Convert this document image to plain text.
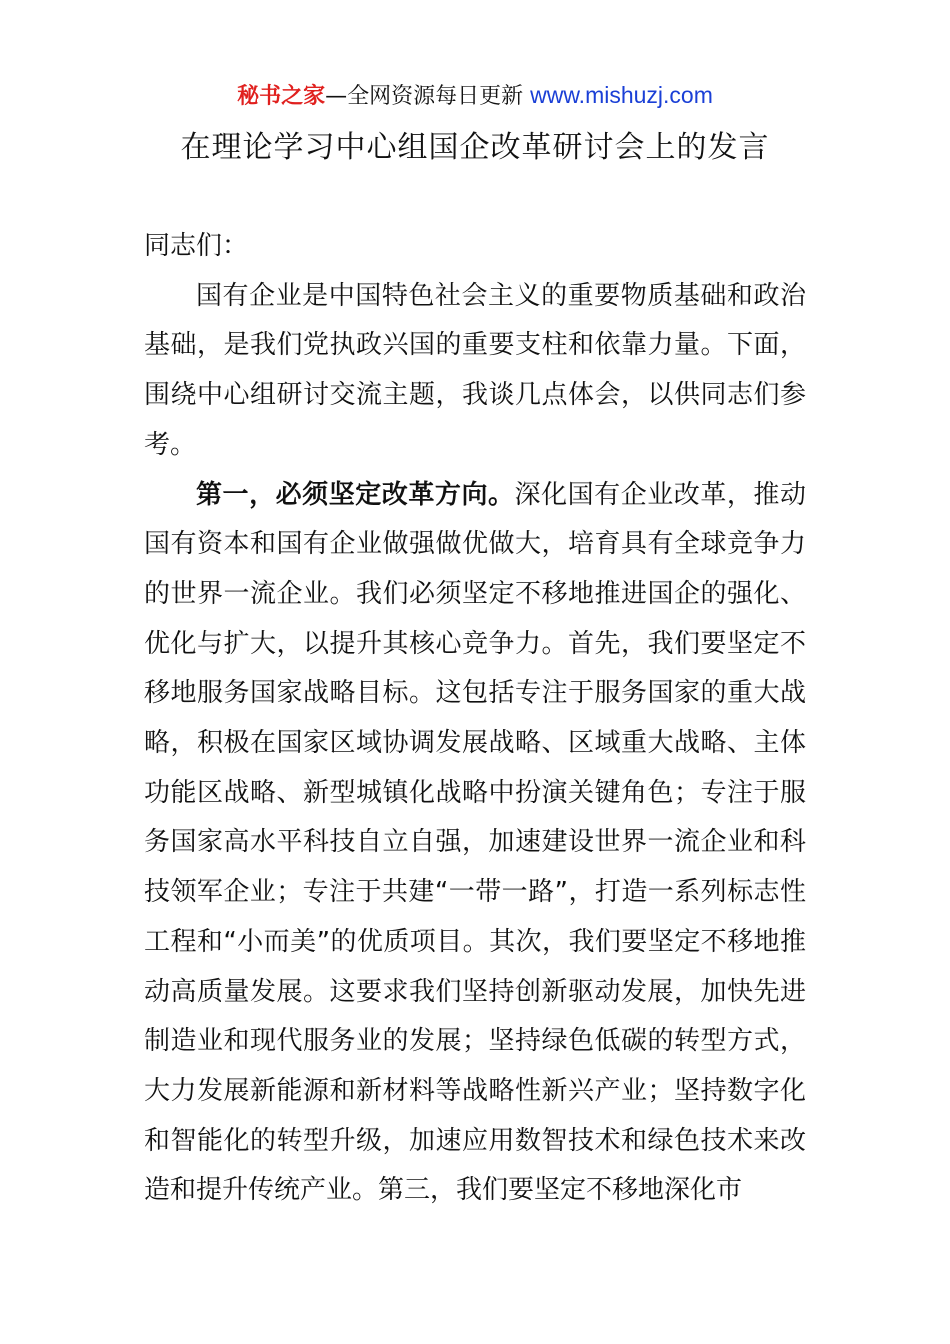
秘书之家—全网资源每日更新 www.mishuzj.com
在理论学习中心组国企改革研讨会上的发言

同志们：

国有企业是中国特色社会主义的重要物质基础和政治基础，是我们党执政兴国的重要支柱和依靠力量。下面，围绕中心组研讨交流主题，我谈几点体会，以供同志们参考。

第一，必须坚定改革方向。深化国有企业改革，推动国有资本和国有企业做强做优做大，培育具有全球竞争力的世界一流企业。我们必须坚定不移地推进国企的强化、优化与扩大，以提升其核心竞争力。首先，我们要坚定不移地服务国家战略目标。这包括专注于服务国家的重大战略，积极在国家区域协调发展战略、区域重大战略、主体功能区战略、新型城镇化战略中扮演关键角色；专注于服务国家高水平科技自立自强，加速建设世界一流企业和科技领军企业；专注于共建“一带一路”，打造一系列标志性工程和“小而美”的优质项目。其次，我们要坚定不移地推动高质量发展。这要求我们坚持创新驱动发展，加快先进制造业和现代服务业的发展；坚持绿色低碳的转型方式，大力发展新能源和新材料等战略性新兴产业；坚持数字化和智能化的转型升级，加速应用数智技术和绿色技术来改造和提升传统产业。第三，我们要坚定不移地深化市
